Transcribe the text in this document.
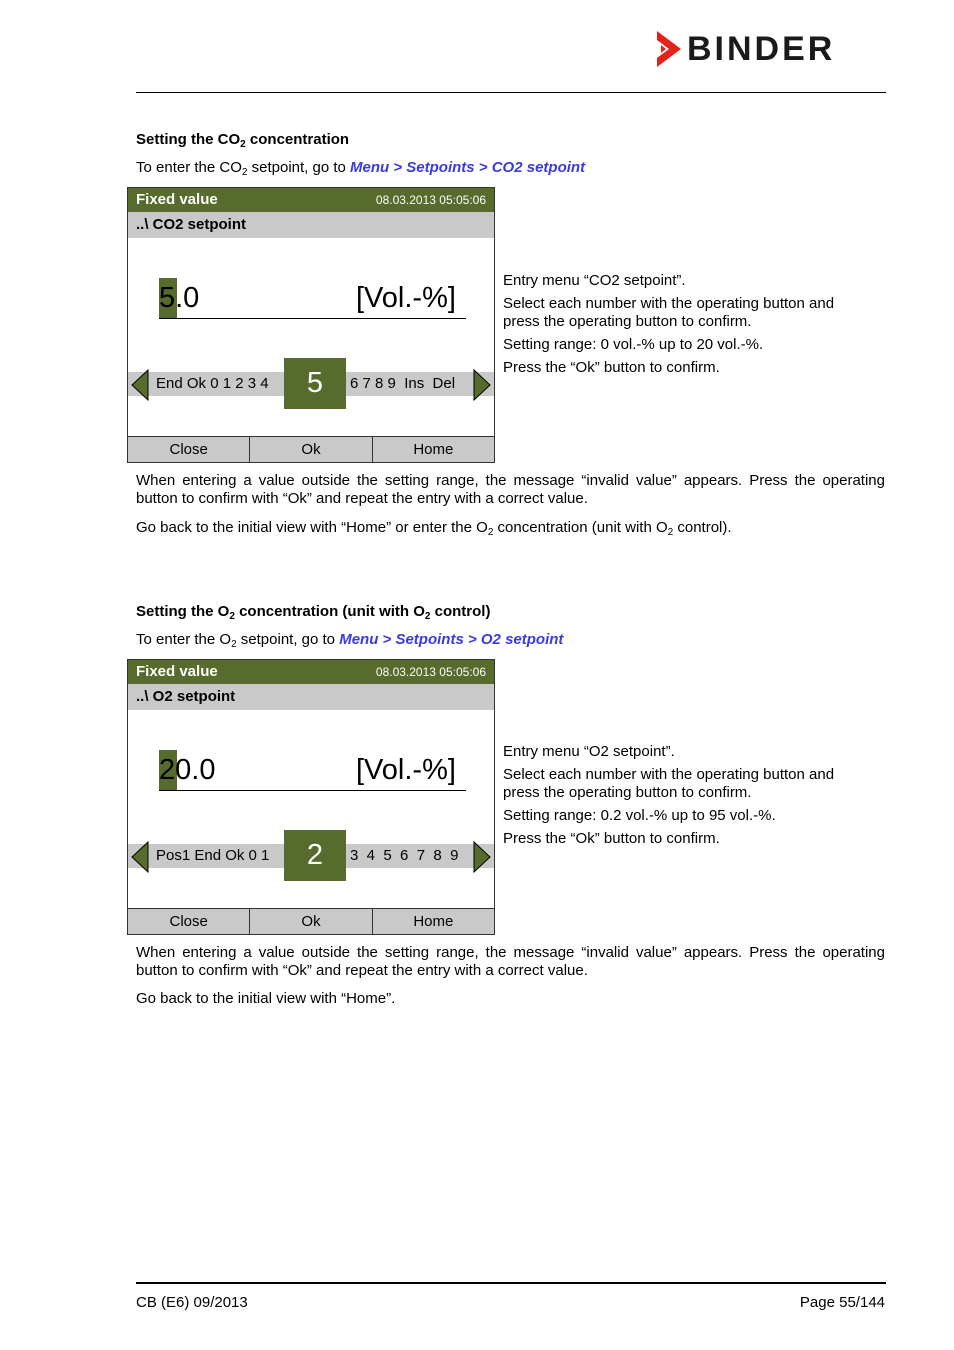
BINDER
Setting the $CO_2$ concentration
To enter the $CO_2$ setpoint, go to Menu > Setpoints > CO2 setpoint
Fixed value	08.03.2013 05:05:06
..\ CO2 setpoint
5.0	[Vol.-%]
End Ok 0 1 2 3 4	6 7 8 9  Ins  Del
5
Close	Ok	Home

Entry menu “CO2 setpoint”.

Select each number with the operating button and press the operating button to confirm.

Setting range: 0 vol.-% up to 20 vol.-%.

Press the “Ok” button to confirm.

When entering a value outside the setting range, the message “invalid value” appears. Press the operating button to confirm with “Ok” and repeat the entry with a correct value.
Go back to the initial view with “Home” or enter the $O_2$ concentration (unit with $O_2$ control).
Setting the $O_2$ concentration (unit with $O_2$ control)
To enter the $O_2$ setpoint, go to Menu > Setpoints > O2 setpoint
Fixed value	08.03.2013 05:05:06
..\ O2 setpoint
20.0	[Vol.-%]
Pos1 End Ok 0 1	3  4  5  6  7  8  9
2
Close	Ok	Home

Entry menu “O2 setpoint”.

Select each number with the operating button and press the operating button to confirm.

Setting range: 0.2 vol.-% up to 95 vol.-%.

Press the “Ok” button to confirm.

When entering a value outside the setting range, the message “invalid value” appears. Press the operating button to confirm with “Ok” and repeat the entry with a correct value.
Go back to the initial view with “Home”.
CB (E6) 09/2013	Page 55/144
